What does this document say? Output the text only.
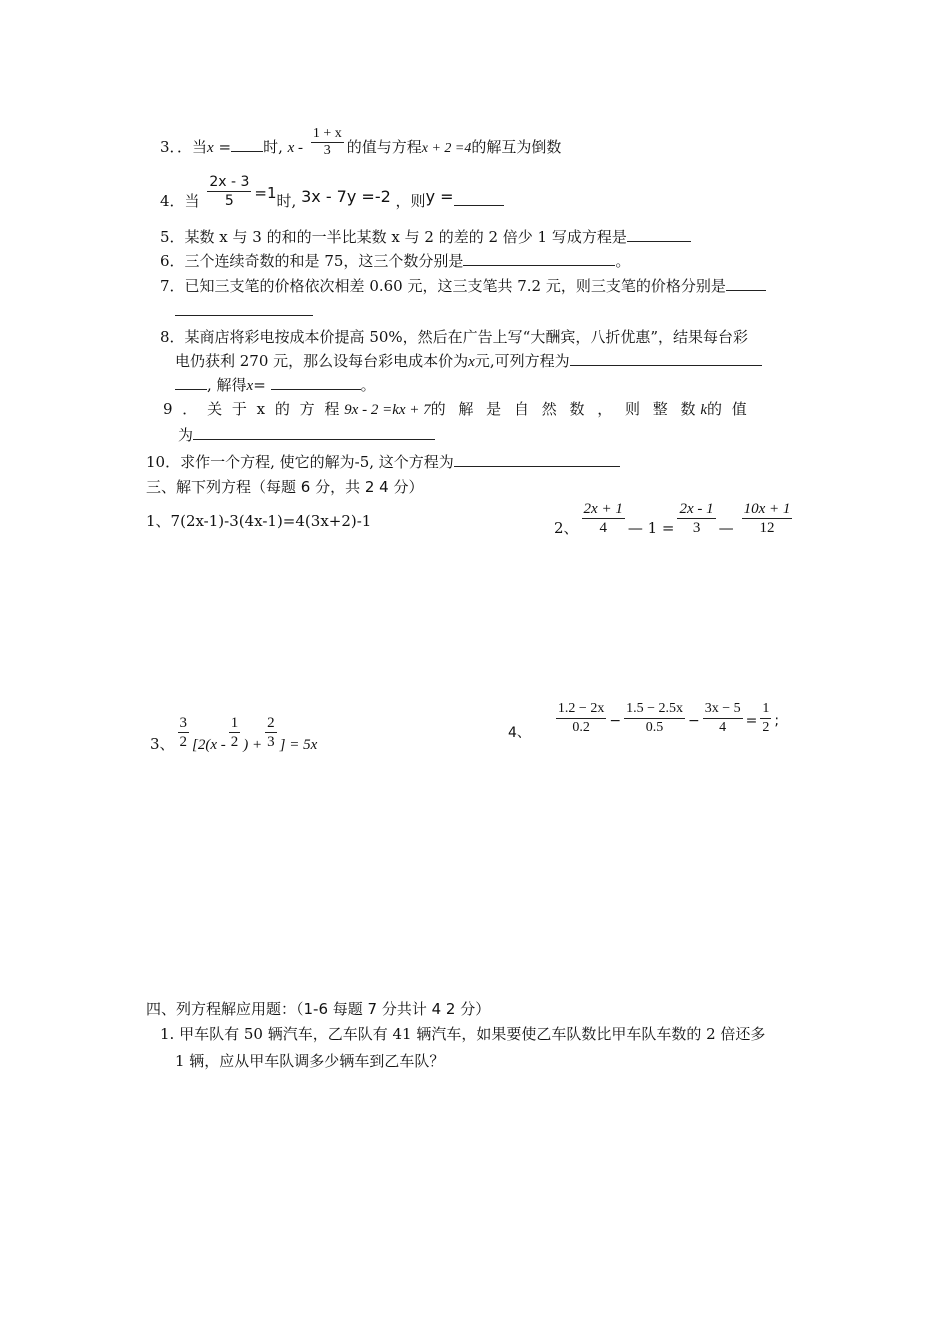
3．．当x = 时, x - $\frac{1 + x}{3}$ 的值与方程x + 2 =4的解互为倒数
4．当 $\frac{2x - 3}{5} =1$时, 3x - 7y =-2 ，则y =
5．某数 x 与 3 的和的一半比某数 x 与 2 的差的 2 倍少 1 写成方程是
6．三个连续奇数的和是 75，这三个数分别是	。
7．已知三支笔的价格依次相差 0.60 元，这三支笔共 7.2 元，则三支笔的价格分别是
8．某商店将彩电按成本价提高 50%，然后在广告上写“大酬宾，八折优惠”，结果每台彩
电仍获利 270 元，那么设每台彩电成本价为x元,可列方程为
, 解得x=	。
9 ． 关 于 x 的 方 程 9x - 2 =kx + 7的 解 是 自 然 数 ， 则 整 数 k的 值
为
10．求作一个方程, 使它的解为-5, 这个方程为
三、解下列方程（每题 6 分，共 2 4 分）
1、7(2x-1)-3(4x-1)=4(3x+2)-1	2、 $\frac{2x + 1}{4}$ — $1 = \frac{2x - 1}{3}$ — $\frac{10x + 1}{12}$
3、 $\frac{3}{2} [2(x - \frac{1}{2}$ ) + $\frac{2}{3}$ ] = 5x
4、 $\frac{1.2 - 2x}{0.2} - \frac{1.5 - 2.5x}{0.5} - \frac{3x - 5}{4} = \frac{1}{2}$ ;
四、列方程解应用题：（1-6 每题 7 分共计 4 2 分）
1. 甲车队有 50 辆汽车，乙车队有 41 辆汽车，如果要使乙车队数比甲车队车数的 2 倍还多
1 辆，应从甲车队调多少辆车到乙车队？
